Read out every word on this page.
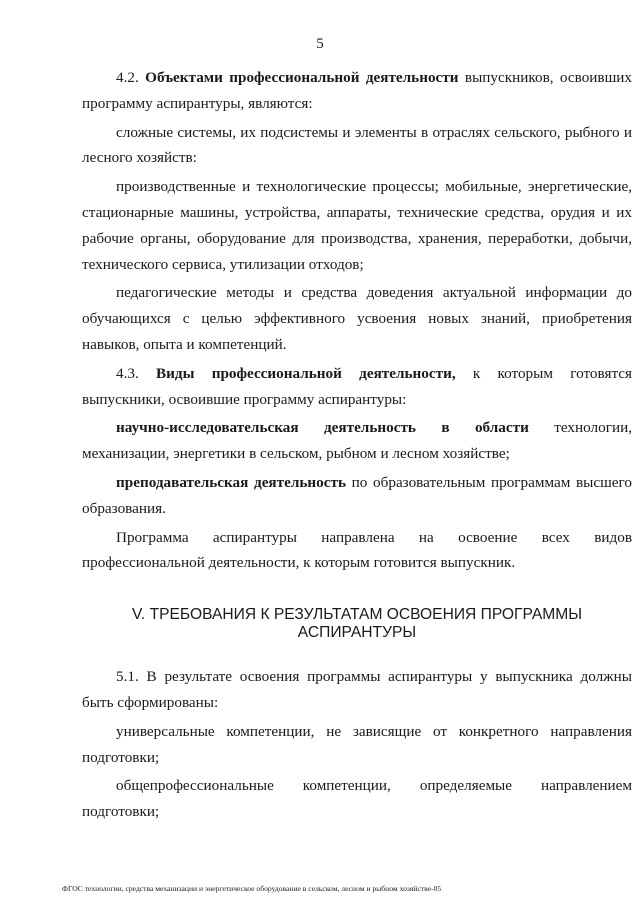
5

4.2. Объектами профессиональной деятельности выпускников, освоивших программу аспирантуры, являются:

сложные системы, их подсистемы и элементы в отраслях сельского, рыбного и лесного хозяйств:

производственные и технологические процессы; мобильные, энергетические, стационарные машины, устройства, аппараты, технические средства, орудия и их рабочие органы, оборудование для производства, хранения, переработки, добычи, технического сервиса, утилизации отходов;

педагогические методы и средства доведения актуальной информации до обучающихся с целью эффективного усвоения новых знаний, приобретения навыков, опыта и компетенций.

4.3. Виды профессиональной деятельности, к которым готовятся выпускники, освоившие программу аспирантуры:

научно-исследовательская деятельность в области технологии, механизации, энергетики в сельском, рыбном и лесном хозяйстве;

преподавательская деятельность по образовательным программам высшего образования.

Программа аспирантуры направлена на освоение всех видов профессиональной деятельности, к которым готовится выпускник.

V. ТРЕБОВАНИЯ К РЕЗУЛЬТАТАМ ОСВОЕНИЯ ПРОГРАММЫ
АСПИРАНТУРЫ

5.1. В результате освоения программы аспирантуры у выпускника должны быть сформированы:

универсальные компетенции, не зависящие от конкретного направления подготовки;

общепрофессиональные компетенции, определяемые направлением подготовки;

ФГОС технологии, средства механизации и энергетическое оборудование в сельском, лесном и рыбном хозяйстве-05
